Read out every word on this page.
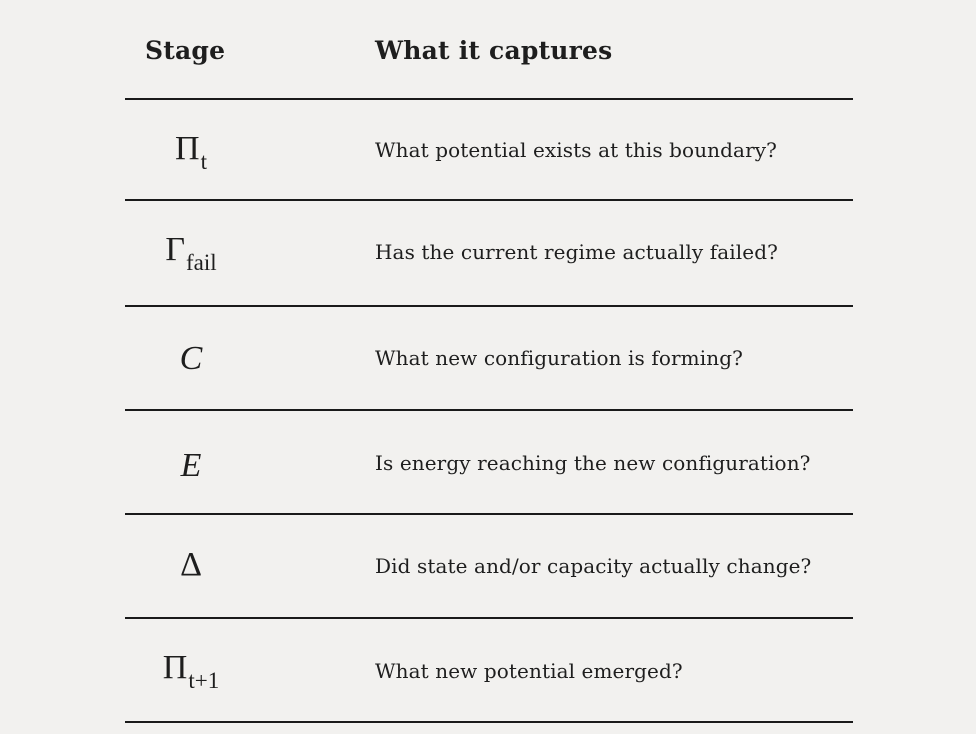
Stage	What it captures
$\Pi_t$	What potential exists at this boundary?
$\Gamma_{fail}$	Has the current regime actually failed?
C	What new configuration is forming?
E	Is energy reaching the new configuration?
Δ	Did state and/or capacity actually change?
$\Pi_{t+1}$	What new potential emerged?
